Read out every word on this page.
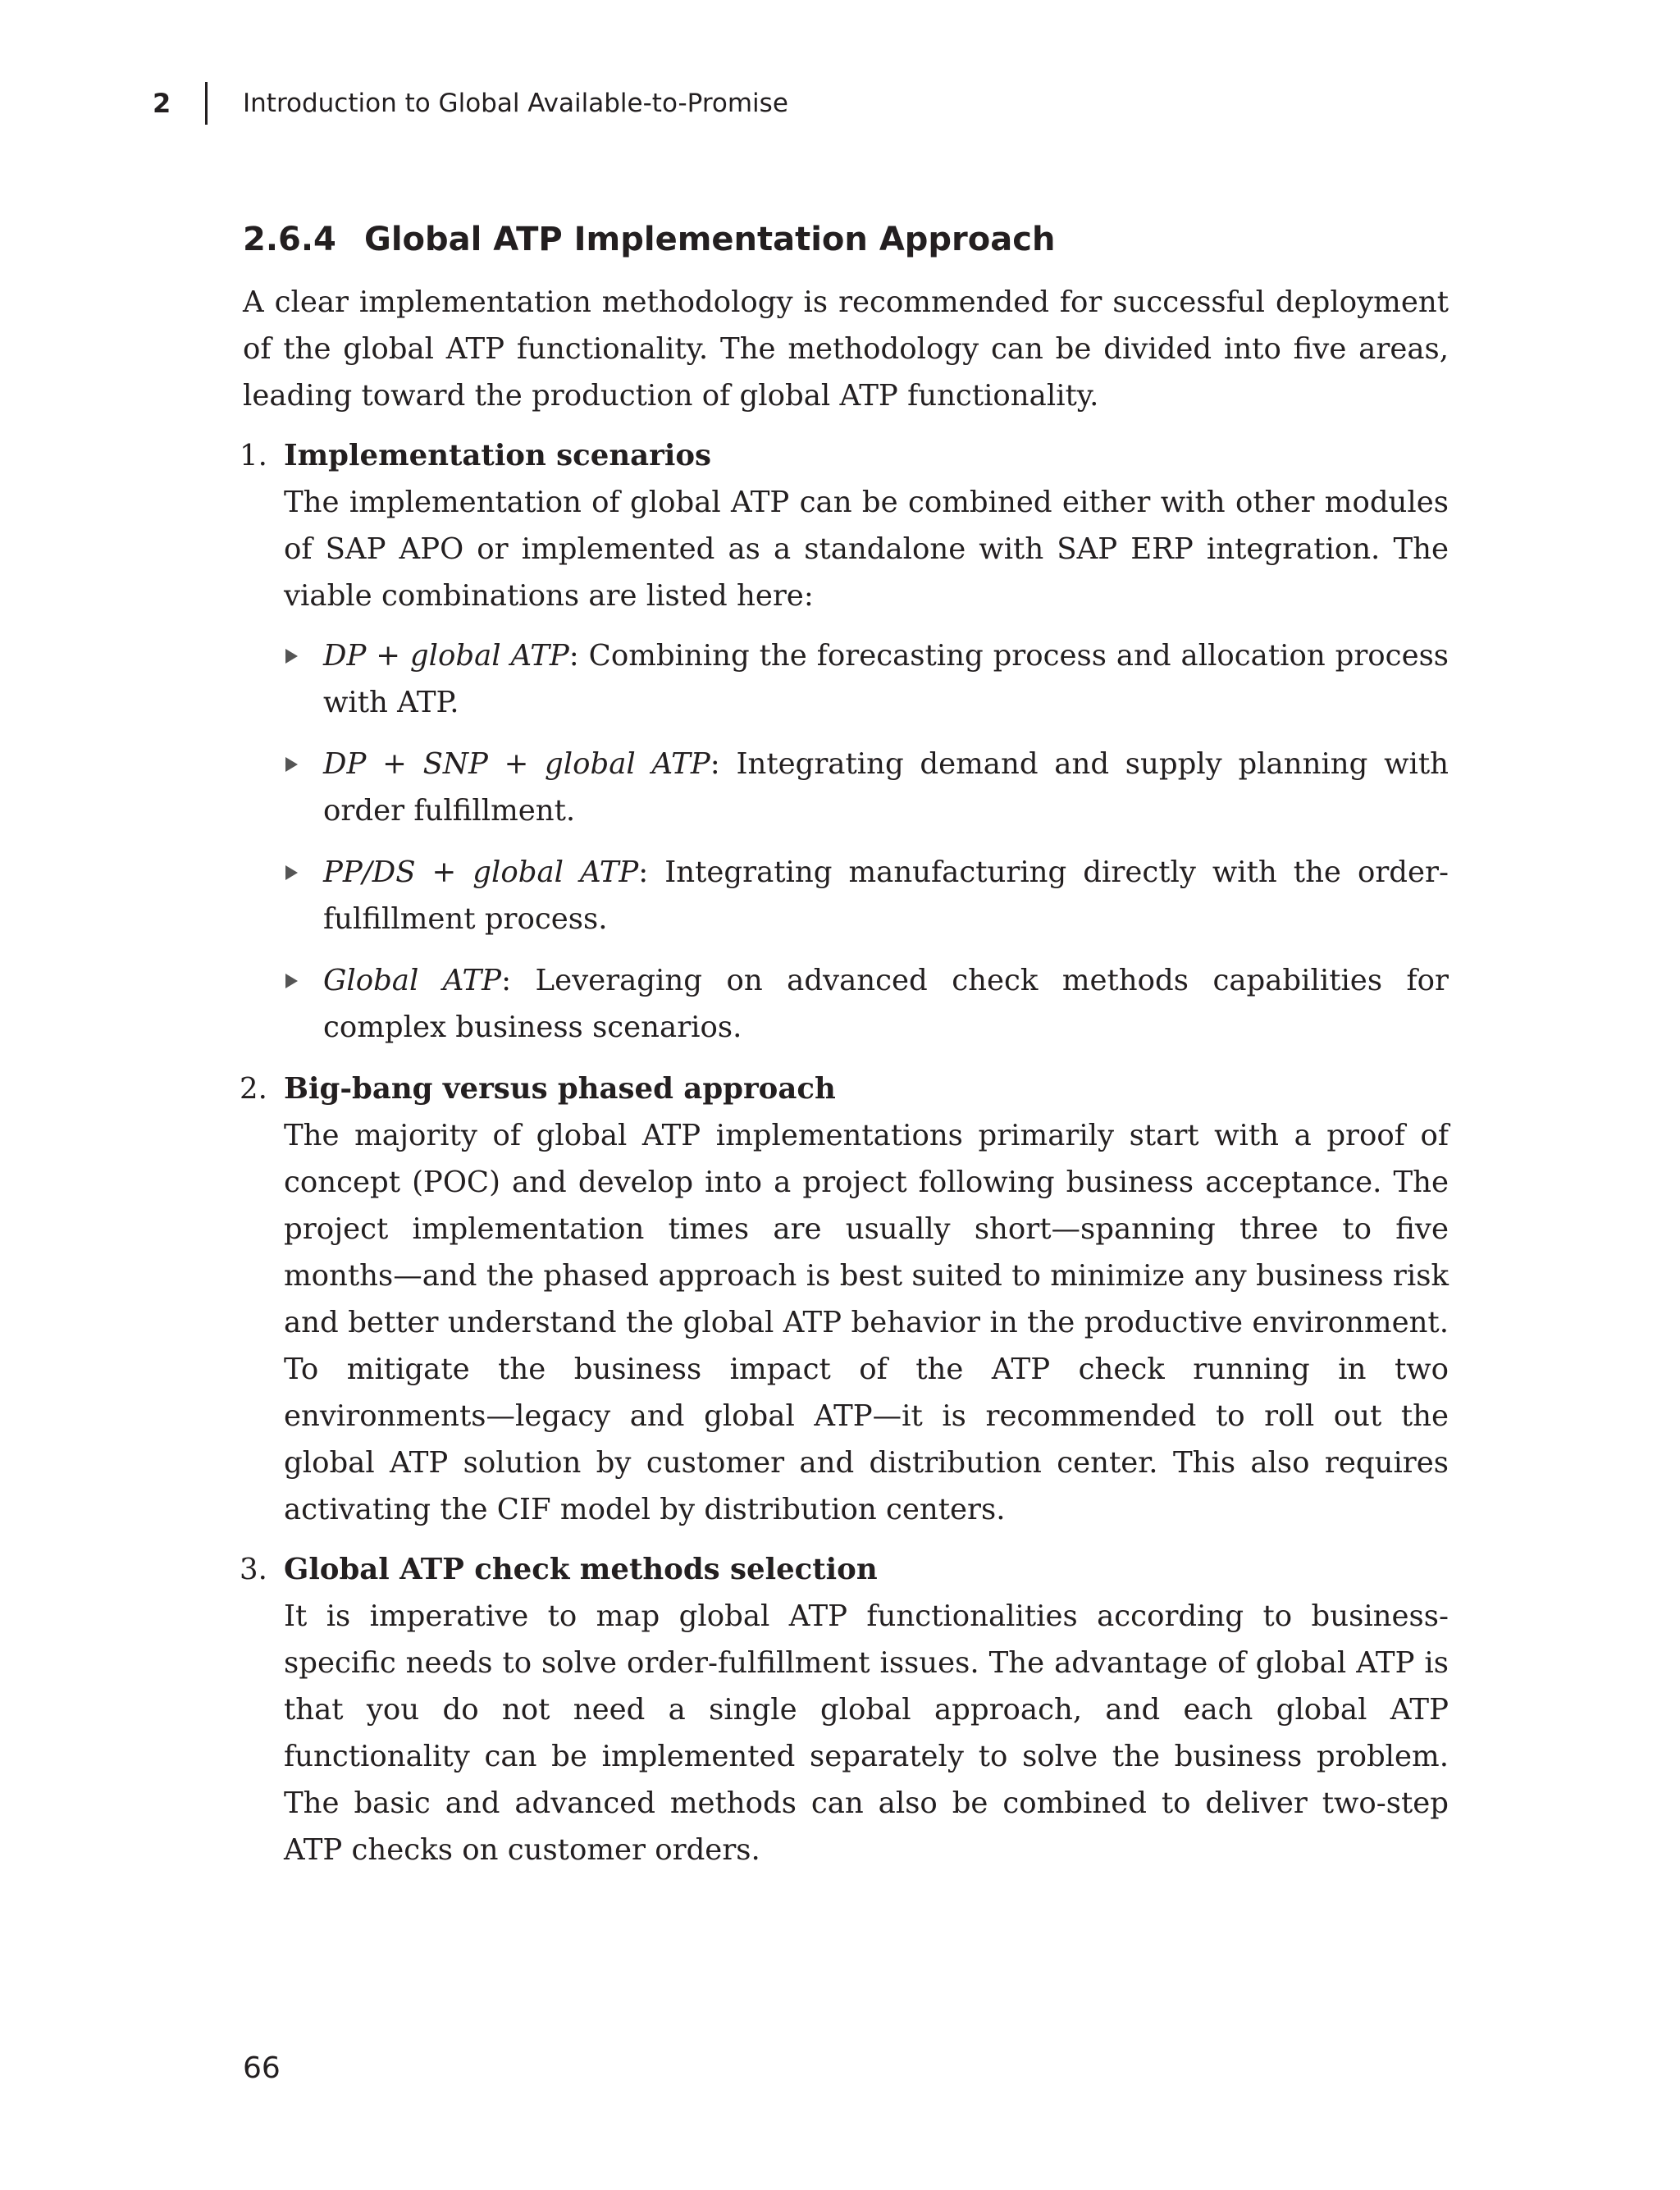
2	Introduction to Global Available-to-Promise
2.6.4 Global ATP Implementation Approach

A clear implementation methodology is recommended for successful deployment of the global ATP functionality. The methodology can be divided into five areas, leading toward the production of global ATP functionality.

1. Implementation scenarios

The implementation of global ATP can be combined either with other modules of SAP APO or implemented as a standalone with SAP ERP integration. The viable combinations are listed here:

DP + global ATP: Combining the forecasting process and allocation process with ATP.

DP + SNP + global ATP: Integrating demand and supply planning with order fulfillment.

PP/DS + global ATP: Integrating manufacturing directly with the order-fulfillment process.

Global ATP: Leveraging on advanced check methods capabilities for complex business scenarios.

2. Big-bang versus phased approach

The majority of global ATP implementations primarily start with a proof of concept (POC) and develop into a project following business acceptance. The project implementation times are usually short—spanning three to five months—and the phased approach is best suited to minimize any business risk and better understand the global ATP behavior in the productive environment. To mitigate the business impact of the ATP check running in two environments—legacy and global ATP—it is recommended to roll out the global ATP solution by customer and distribution center. This also requires activating the CIF model by distribution centers.

3. Global ATP check methods selection

It is imperative to map global ATP functionalities according to business-specific needs to solve order-fulfillment issues. The advantage of global ATP is that you do not need a single global approach, and each global ATP functionality can be implemented separately to solve the business problem. The basic and advanced methods can also be combined to deliver two-step ATP checks on customer orders.

66
